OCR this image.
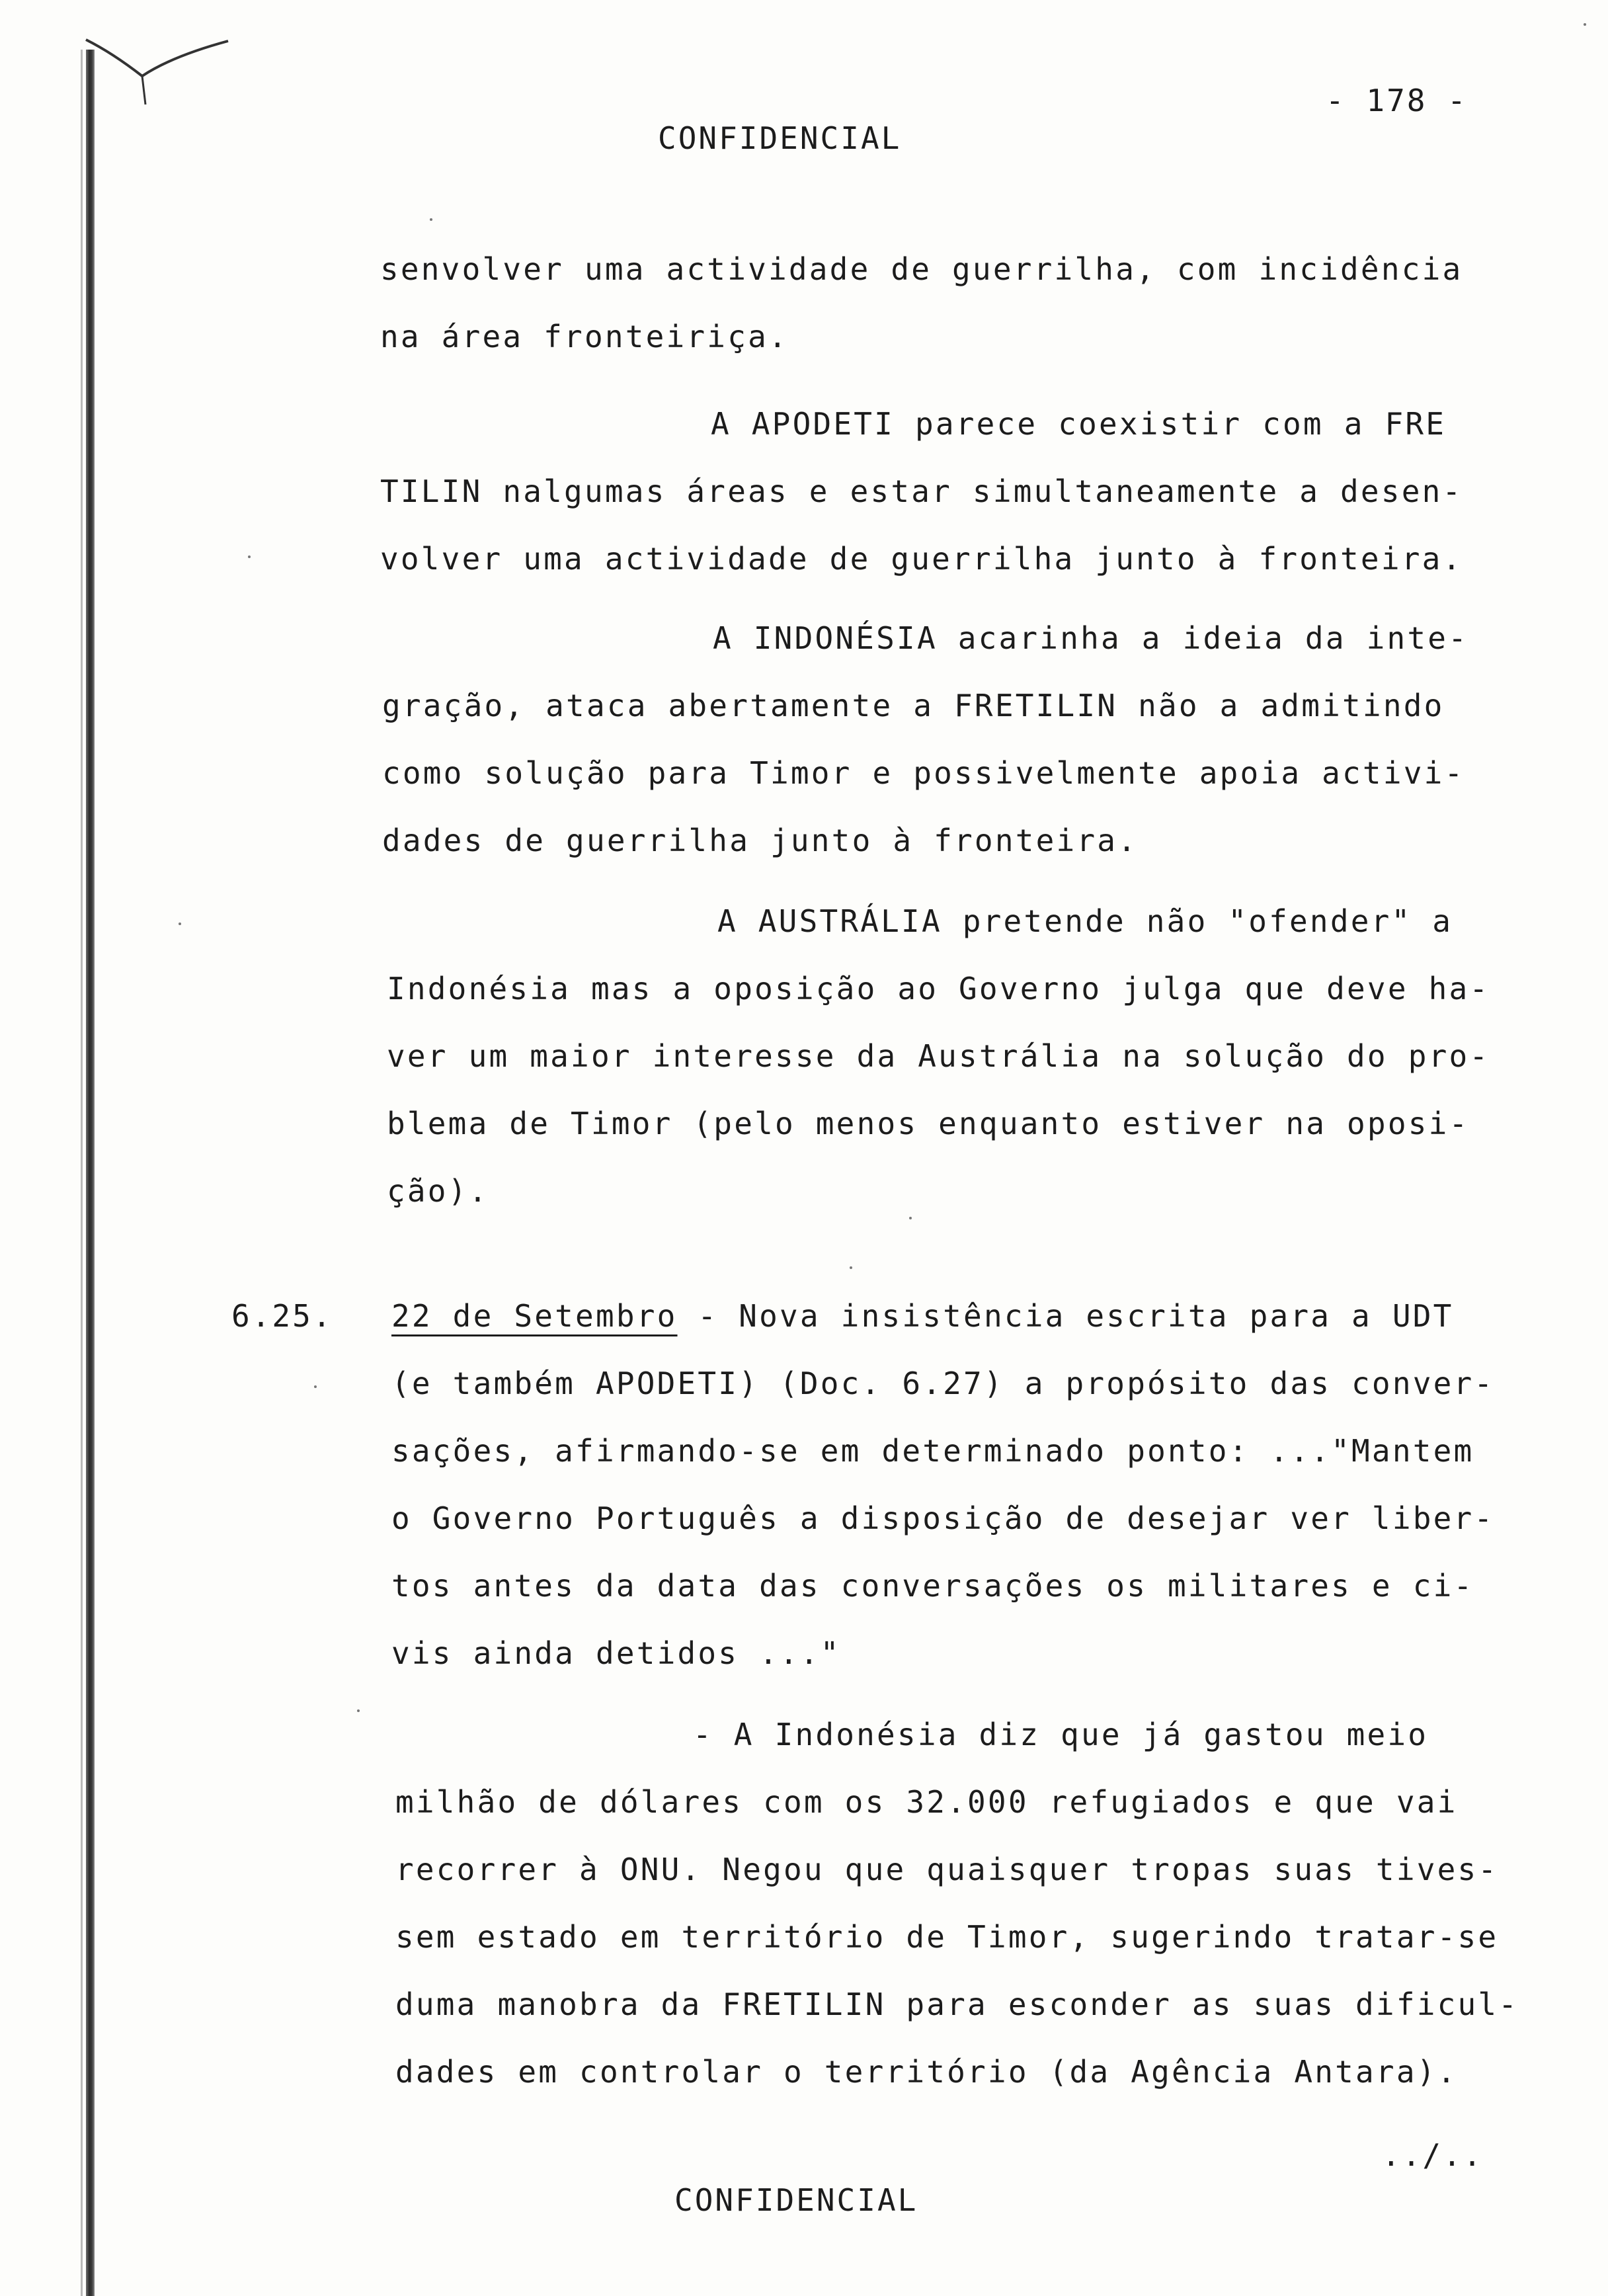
- 178 -

CONFIDENCIAL

senvolver uma actividade de guerrilha, com incidência

na área fronteiriça.

A APODETI parece coexistir com a FRE

TILIN nalgumas áreas e estar simultaneamente a desen-

volver uma actividade de guerrilha junto à fronteira.

A INDONÉSIA acarinha a ideia da inte-

gração, ataca abertamente a FRETILIN não a admitindo

como solução para Timor e possivelmente apoia activi-

dades de guerrilha junto à fronteira.

A AUSTRÁLIA pretende não "ofender" a

Indonésia mas a oposição ao Governo julga que deve ha-

ver um maior interesse da Austrália na solução do pro-

blema de Timor (pelo menos enquanto estiver na oposi-

ção).

6.25. 22 de Setembro - Nova insistência escrita para a UDT

(e também APODETI) (Doc. 6.27) a propósito das conver-

sações, afirmando-se em determinado ponto: ..."Mantem

o Governo Português a disposição de desejar ver liber-

tos antes da data das conversações os militares e ci-

vis ainda detidos ..."

- A Indonésia diz que já gastou meio

milhão de dólares com os 32.000 refugiados e que vai

recorrer à ONU. Negou que quaisquer tropas suas tives-

sem estado em território de Timor, sugerindo tratar-se

duma manobra da FRETILIN para esconder as suas dificul-

dades em controlar o território (da Agência Antara).

../..

CONFIDENCIAL
